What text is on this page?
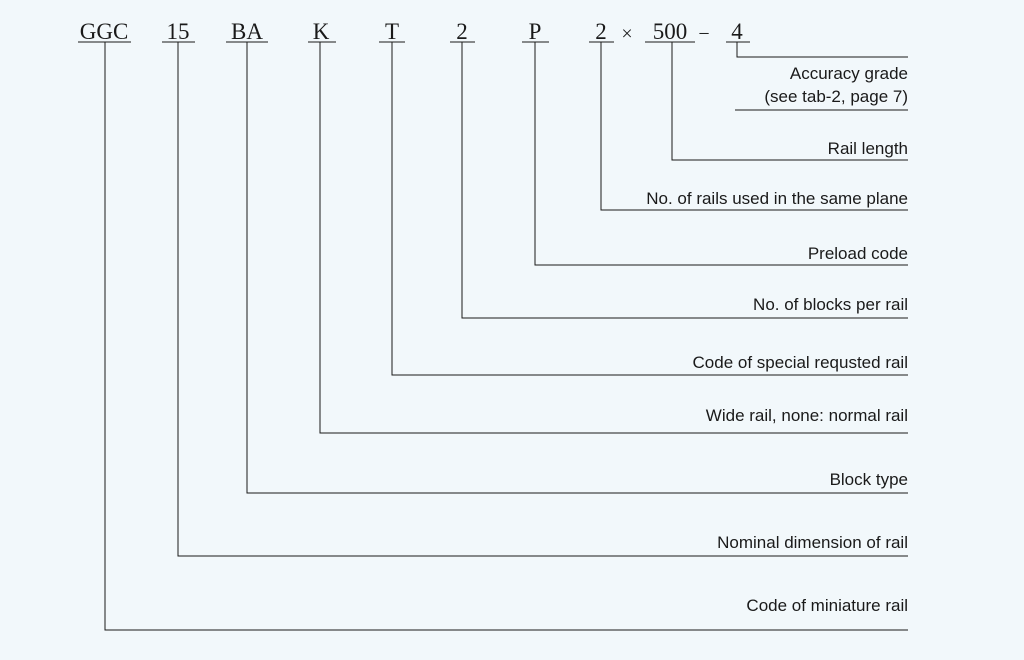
GGC 15 BA K T 2	P 2 500 4
×	−
Accuracy grade
(see tab-2, page 7)
Rail length
No. of rails used in the same plane
Preload code
No. of blocks per rail
Code of special requsted rail
Wide rail, none: normal rail
Block type
Nominal dimension of rail
Code of miniature rail
